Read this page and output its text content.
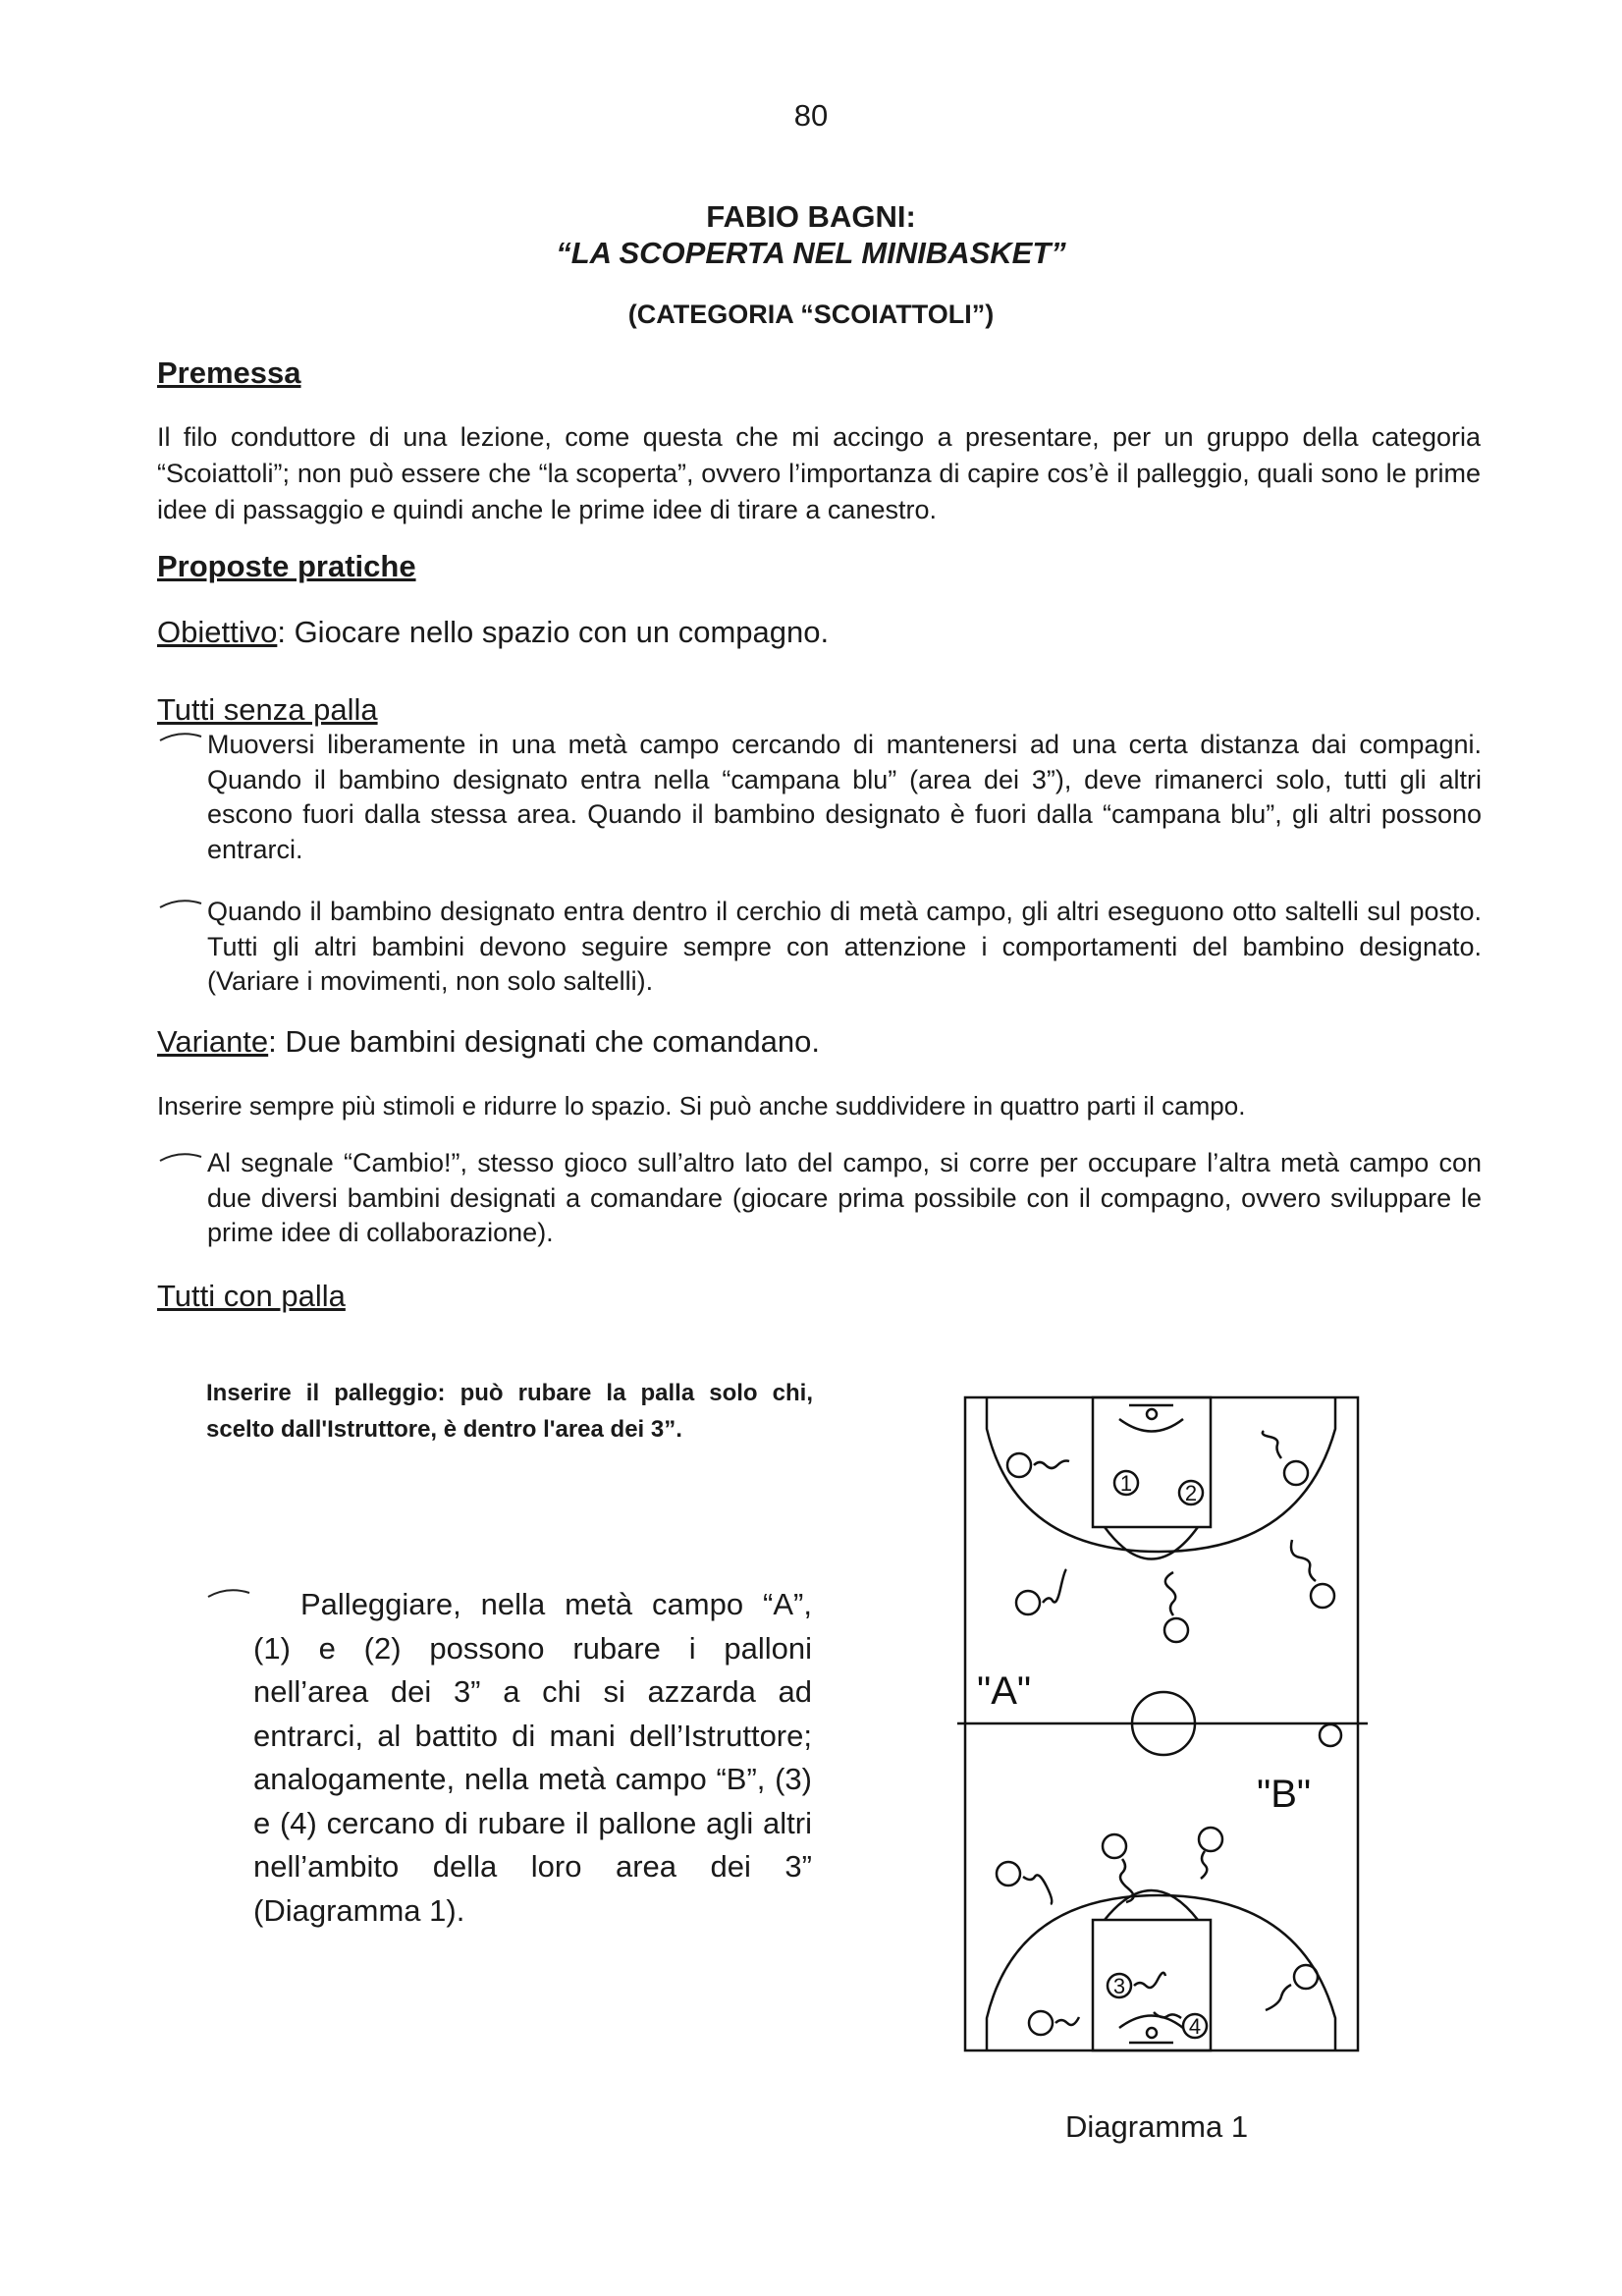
80
FABIO BAGNI:
“LA SCOPERTA NEL MINIBASKET”
(CATEGORIA “SCOIATTOLI”)
Premessa
Il filo conduttore di una lezione, come questa che mi accingo a presentare, per un gruppo della categoria “Scoiattoli”; non può essere che “la scoperta”, ovvero l’importanza di capire cos’è il palleggio, quali sono le prime idee di passaggio e quindi anche le prime idee di tirare a canestro.
Proposte pratiche
Obiettivo: Giocare nello spazio con un compagno.
Tutti senza palla
Muoversi liberamente in una metà campo cercando di mantenersi ad una certa distanza dai compagni. Quando il bambino designato entra nella “campana blu” (area dei 3”), deve rimanerci solo, tutti gli altri escono fuori dalla stessa area. Quando il bambino designato è fuori dalla “campana blu”, gli altri possono entrarci.
Quando il bambino designato entra dentro il cerchio di metà campo, gli altri eseguono otto saltelli sul posto. Tutti gli altri bambini devono seguire sempre con attenzione i comportamenti del bambino designato. (Variare i movimenti, non solo saltelli).
Variante: Due bambini designati che comandano.
Inserire sempre più stimoli e ridurre lo spazio. Si può anche suddividere in quattro parti il campo.
Al segnale “Cambio!”, stesso gioco sull’altro lato del campo, si corre per occupare l’altra metà campo con due diversi bambini designati a comandare (giocare prima possibile con il compagno, ovvero sviluppare le prime idee di collaborazione).
Tutti con palla
Inserire il palleggio: può rubare la palla solo chi, scelto dall'Istruttore, è dentro l'area dei 3”.
Palleggiare, nella metà campo “A”, (1) e (2) possono rubare i palloni nell’area dei 3” a chi si azzarda ad entrarci, al battito di mani dell’Istruttore; analogamente, nella metà campo “B”, (3) e (4) cercano di rubare il pallone agli altri nell’ambito della loro area dei 3” (Diagramma 1).
1 2
3
4
"A"
"B"
Diagramma 1
